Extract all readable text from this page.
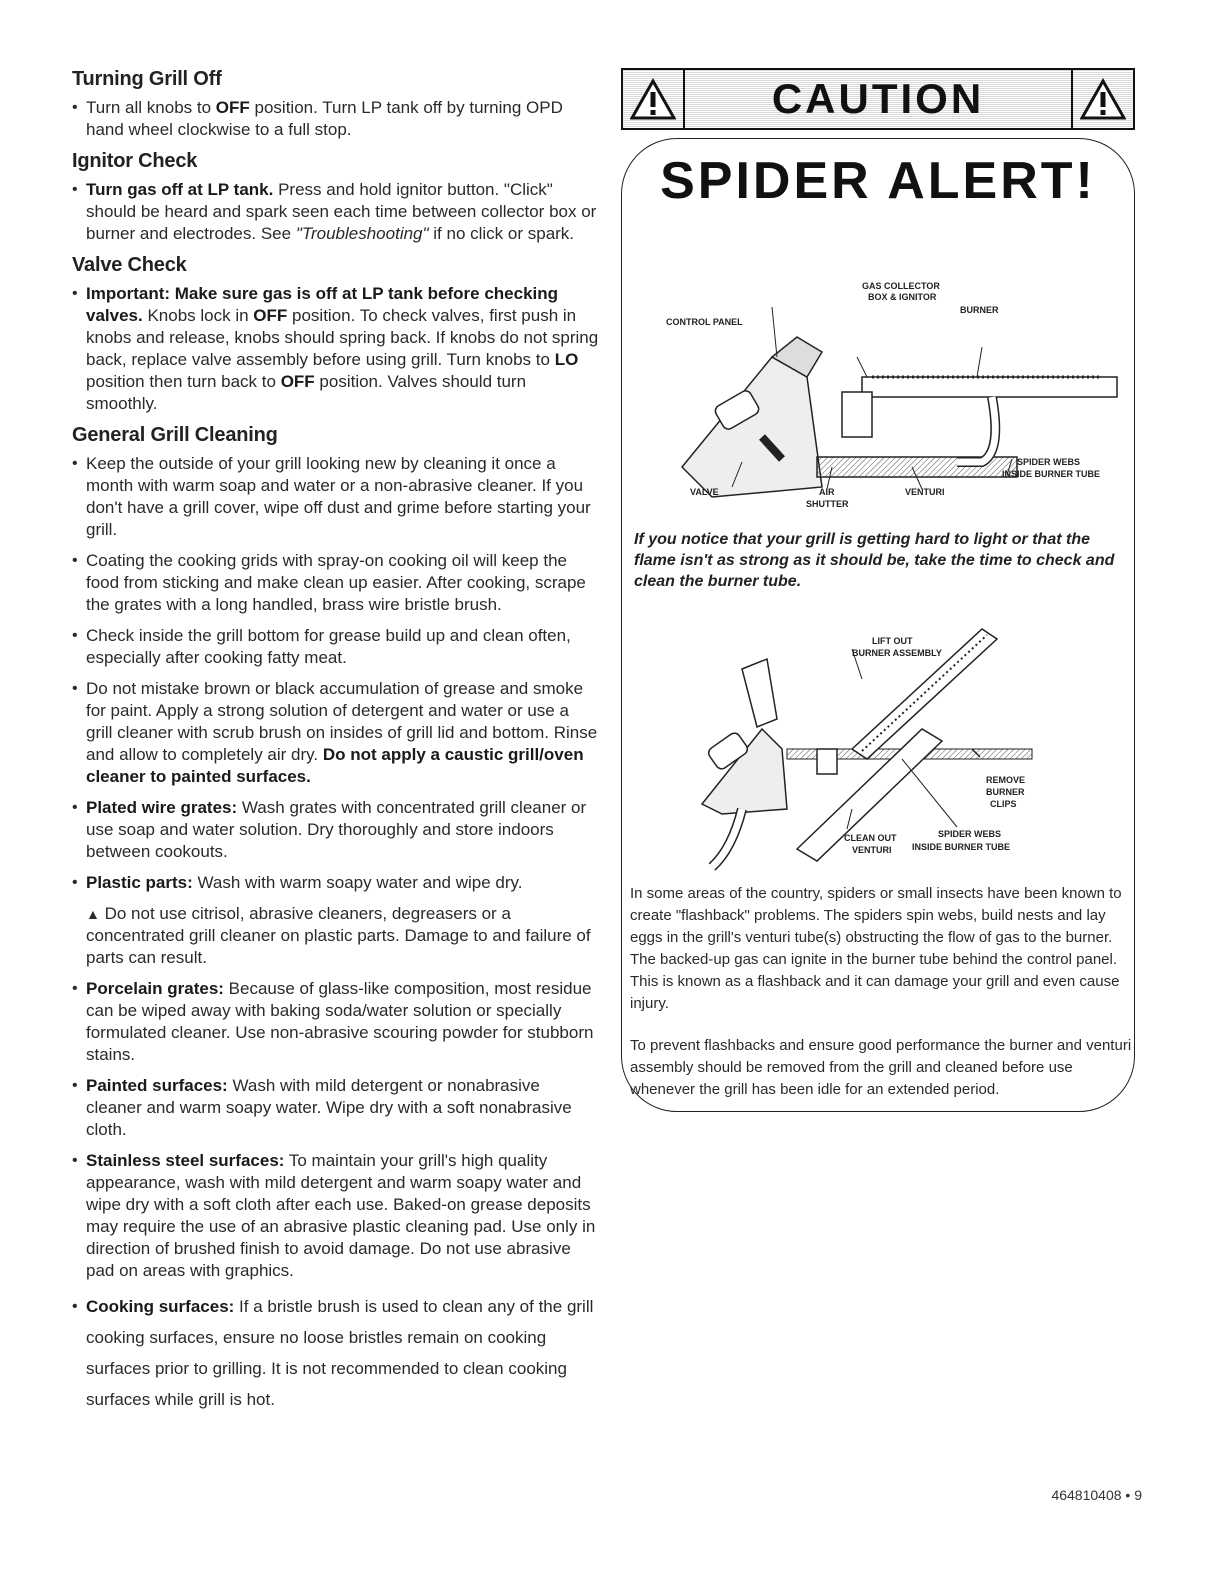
Turning Grill Off
• Turn all knobs to OFF position. Turn LP tank off by turning OPD hand wheel clockwise to a full stop.
Ignitor Check
• Turn gas off at LP tank. Press and hold ignitor button. "Click" should be heard and spark seen each time between collector box or burner and electrodes. See "Troubleshooting" if no click or spark.
Valve Check
• Important: Make sure gas is off at LP tank before checking valves. Knobs lock in OFF position. To check valves, first push in knobs and release, knobs should spring back. If knobs do not spring back, replace valve assembly before using grill. Turn knobs to LO position then turn back to OFF position. Valves should turn smoothly.
General Grill Cleaning
• Keep the outside of your grill looking new by cleaning it once a month with warm soap and water or a non-abrasive cleaner. If you don't have a grill cover, wipe off dust and grime before starting your grill.
• Coating the cooking grids with spray-on cooking oil will keep the food from sticking and make clean up easier. After cooking, scrape the grates with a long handled, brass wire bristle brush.
• Check inside the grill bottom for grease build up and clean often, especially after cooking fatty meat.
• Do not mistake brown or black accumulation of grease and smoke for paint. Apply a strong solution of detergent and water or use a grill cleaner with scrub brush on insides of grill lid and bottom. Rinse and allow to completely air dry. Do not apply a caustic grill/oven cleaner to painted surfaces.
• Plated wire grates: Wash grates with concentrated grill cleaner or use soap and water solution. Dry thoroughly and store indoors between cookouts.
• Plastic parts: Wash with warm soapy water and wipe dry.

▲ Do not use citrisol, abrasive cleaners, degreasers or a concentrated grill cleaner on plastic parts. Damage to and failure of parts can result.

• Porcelain grates: Because of glass-like composition, most residue can be wiped away with baking soda/water solution or specially formulated cleaner. Use non-abrasive scouring powder for stubborn stains.
• Painted surfaces: Wash with mild detergent or nonabrasive cleaner and warm soapy water. Wipe dry with a soft nonabrasive cloth.
• Stainless steel surfaces: To maintain your grill's high quality appearance, wash with mild detergent and warm soapy water and wipe dry with a soft cloth after each use. Baked-on grease deposits may require the use of an abrasive plastic cleaning pad. Use only in direction of brushed finish to avoid damage. Do not use abrasive pad on areas with graphics.
• Cooking surfaces: If a bristle brush is used to clean any of the grill cooking surfaces, ensure no loose bristles remain on cooking surfaces prior to grilling. It is not recommended to clean cooking surfaces while grill is hot.
CAUTION
SPIDER ALERT!
GAS COLLECTOR
BOX & IGNITOR
BURNER
CONTROL PANEL
SPIDER WEBS
INSIDE BURNER TUBE
VALVE	AIR
SHUTTER
VENTURI
If you notice that your grill is getting hard to light or that the flame isn't as strong as it should be, take the time to check and clean the burner tube.
LIFT OUT
BURNER ASSEMBLY
REMOVE
BURNER
CLIPS
CLEAN OUT
VENTURI
SPIDER WEBS
INSIDE BURNER TUBE

In some areas of the country, spiders or small insects have been known to create "flashback" problems. The spiders spin webs, build nests and lay eggs in the grill's venturi tube(s) obstructing the flow of gas to the burner. The backed-up gas can ignite in the burner tube behind the control panel. This is known as a flashback and it can damage your grill and even cause injury.

To prevent flashbacks and ensure good performance the burner and venturi assembly should be removed from the grill and cleaned before use whenever the grill has been idle for an extended period.

464810408 • 9
